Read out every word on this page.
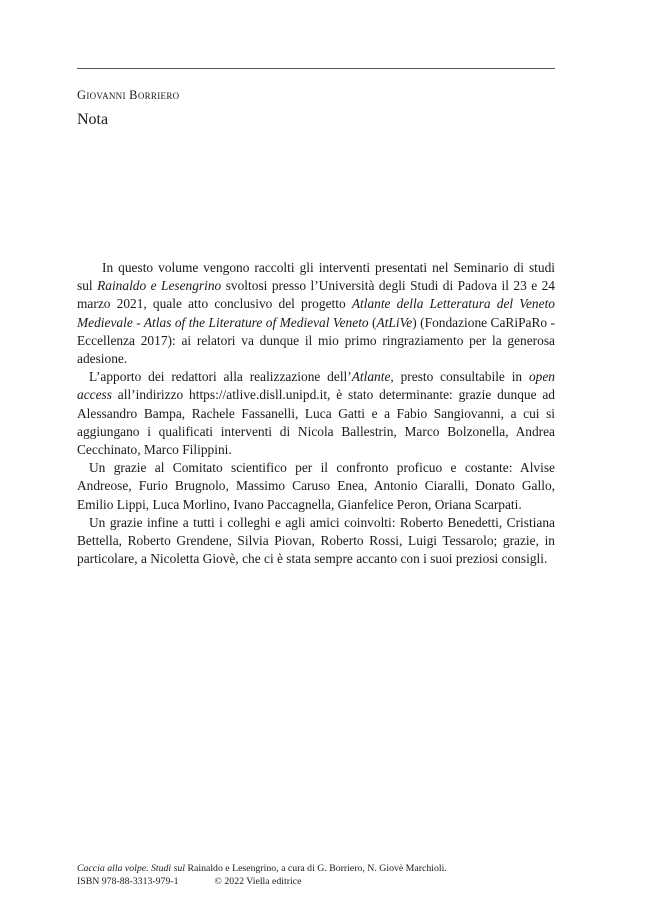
Giovanni Borriero
Nota

In questo volume vengono raccolti gli interventi presentati nel Seminario di studi sul Rainaldo e Lesengrino svoltosi presso l’Università degli Studi di Padova il 23 e 24 marzo 2021, quale atto conclusivo del progetto Atlante della Letteratura del Veneto Medievale - Atlas of the Literature of Medieval Veneto (AtLiVe) (Fondazione CaRiPaRo - Eccellenza 2017): ai relatori va dunque il mio primo ringraziamento per la generosa adesione.

L’apporto dei redattori alla realizzazione dell’Atlante, presto consultabile in open access all’indirizzo https://atlive.disll.unipd.it, è stato determinante: grazie dunque ad Alessandro Bampa, Rachele Fassanelli, Luca Gatti e a Fabio Sangiovanni, a cui si aggiungano i qualificati interventi di Nicola Ballestrin, Marco Bolzonella, Andrea Cecchinato, Marco Filippini.

Un grazie al Comitato scientifico per il confronto proficuo e costante: Alvise Andreose, Furio Brugnolo, Massimo Caruso Enea, Antonio Ciaralli, Donato Gallo, Emilio Lippi, Luca Morlino, Ivano Paccagnella, Gianfelice Peron, Oriana Scarpati.

Un grazie infine a tutti i colleghi e agli amici coinvolti: Roberto Benedetti, Cristiana Bettella, Roberto Grendene, Silvia Piovan, Roberto Rossi, Luigi Tessarolo; grazie, in particolare, a Nicoletta Giovè, che ci è stata sempre accanto con i suoi preziosi consigli.

Caccia alla volpe. Studi sul Rainaldo e Lesengrino, a cura di G. Borriero, N. Giovè Marchioli.
ISBN 978-88-3313-979-1	© 2022 Viella editrice
